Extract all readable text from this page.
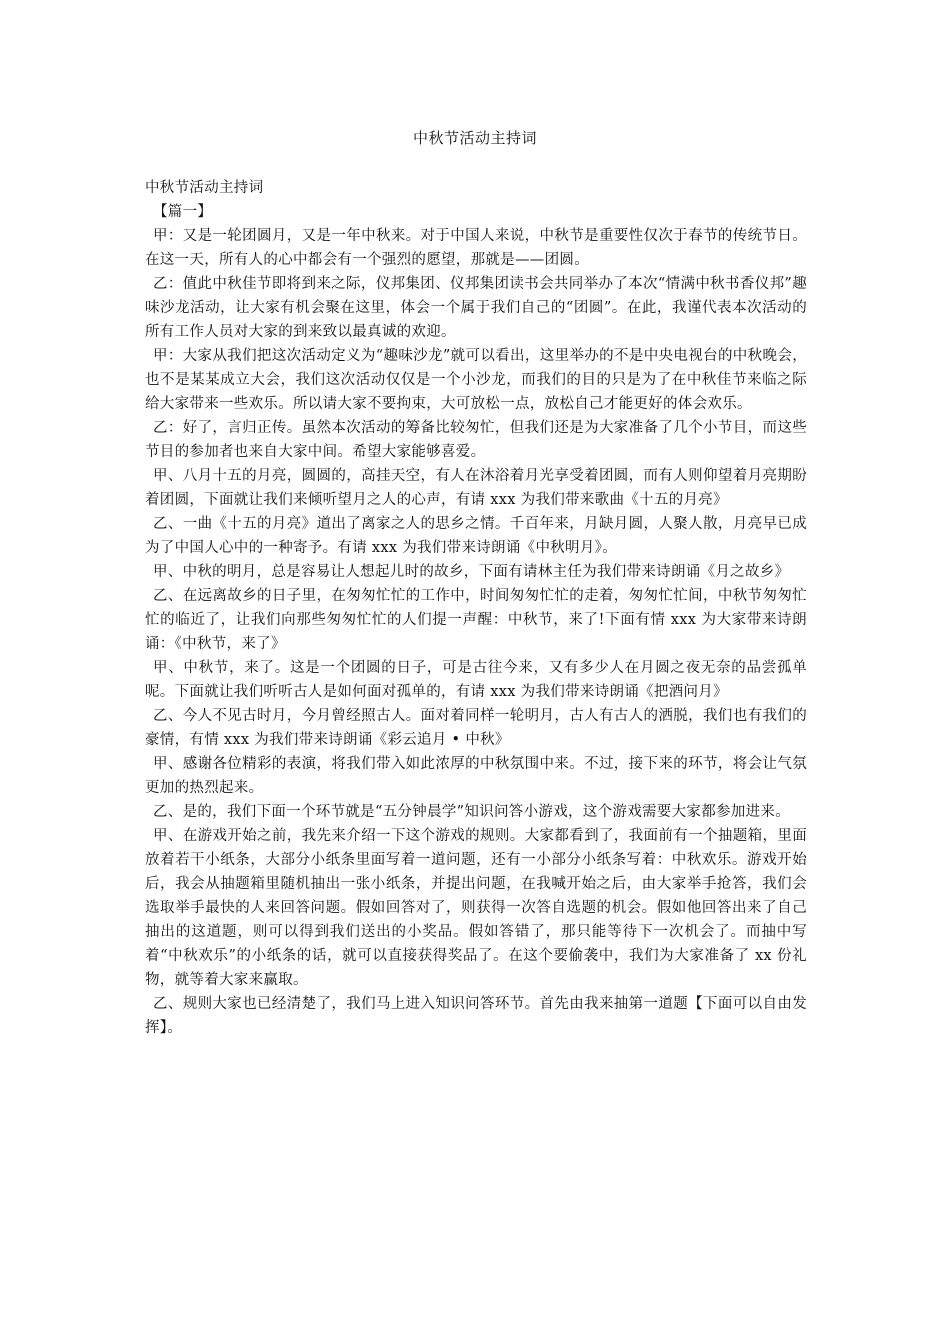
中秋节活动主持词

中秋节活动主持词

【篇一】

甲：又是一轮团圆月，又是一年中秋来。对于中国人来说，中秋节是重要性仅次于春节的传统节日。在这一天，所有人的心中都会有一个强烈的愿望，那就是——团圆。

乙：值此中秋佳节即将到来之际，仪邦集团、仪邦集团读书会共同举办了本次“情满中秋书香仪邦”趣味沙龙活动，让大家有机会聚在这里，体会一个属于我们自己的“团圆”。在此，我谨代表本次活动的所有工作人员对大家的到来致以最真诚的欢迎。

甲：大家从我们把这次活动定义为“趣味沙龙”就可以看出，这里举办的不是中央电视台的中秋晚会，也不是某某成立大会，我们这次活动仅仅是一个小沙龙，而我们的目的只是为了在中秋佳节来临之际给大家带来一些欢乐。所以请大家不要拘束，大可放松一点，放松自己才能更好的体会欢乐。

乙：好了，言归正传。虽然本次活动的筹备比较匆忙，但我们还是为大家准备了几个小节目，而这些节目的参加者也来自大家中间。希望大家能够喜爱。

甲、八月十五的月亮，圆圆的，高挂天空，有人在沐浴着月光享受着团圆，而有人则仰望着月亮期盼着团圆，下面就让我们来倾听望月之人的心声，有请 xxx 为我们带来歌曲《十五的月亮》

乙、一曲《十五的月亮》道出了离家之人的思乡之情。千百年来，月缺月圆，人聚人散，月亮早已成为了中国人心中的一种寄予。有请 xxx 为我们带来诗朗诵《中秋明月》。

甲、中秋的明月，总是容易让人想起儿时的故乡，下面有请林主任为我们带来诗朗诵《月之故乡》

乙、在远离故乡的日子里，在匆匆忙忙的工作中，时间匆匆忙忙的走着，匆匆忙忙间，中秋节匆匆忙忙的临近了，让我们向那些匆匆忙忙的人们提一声醒：中秋节，来了!下面有情 xxx 为大家带来诗朗诵：《中秋节，来了》

甲、中秋节，来了。这是一个团圆的日子，可是古往今来，又有多少人在月圆之夜无奈的品尝孤单呢。下面就让我们听听古人是如何面对孤单的，有请 xxx 为我们带来诗朗诵《把酒问月》

乙、今人不见古时月，今月曾经照古人。面对着同样一轮明月，古人有古人的洒脱，我们也有我们的豪情，有情 xxx 为我们带来诗朗诵《彩云追月 • 中秋》

甲、感谢各位精彩的表演，将我们带入如此浓厚的中秋氛围中来。不过，接下来的环节，将会让气氛更加的热烈起来。

乙、是的，我们下面一个环节就是“五分钟晨学”知识问答小游戏，这个游戏需要大家都参加进来。

甲、在游戏开始之前，我先来介绍一下这个游戏的规则。大家都看到了，我面前有一个抽题箱，里面放着若干小纸条，大部分小纸条里面写着一道问题，还有一小部分小纸条写着：中秋欢乐。游戏开始后，我会从抽题箱里随机抽出一张小纸条，并提出问题，在我喊开始之后，由大家举手抢答，我们会选取举手最快的人来回答问题。假如回答对了，则获得一次答自选题的机会。假如他回答出来了自己抽出的这道题，则可以得到我们送出的小奖品。假如答错了，那只能等待下一次机会了。而抽中写着“中秋欢乐”的小纸条的话，就可以直接获得奖品了。在这个要偷袭中，我们为大家准备了 xx 份礼物，就等着大家来赢取。

乙、规则大家也已经清楚了，我们马上进入知识问答环节。首先由我来抽第一道题【下面可以自由发挥】。
